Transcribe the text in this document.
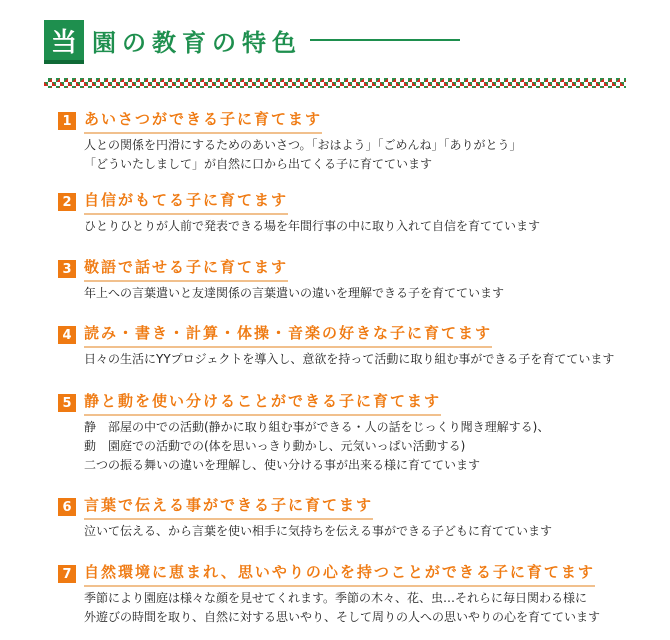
当 園の教育の特色
1 あいさつができる子に育てます
人との関係を円滑にするためのあいさつ。「おはよう」「ごめんね」「ありがとう」
「どういたしまして」が自然に口から出てくる子に育てています
2 自信がもてる子に育てます
ひとりひとりが人前で発表できる場を年間行事の中に取り入れて自信を育てています
3 敬語で話せる子に育てます
年上への言葉遣いと友達関係の言葉遣いの違いを理解できる子を育てています
4 読み・書き・計算・体操・音楽の好きな子に育てます
日々の生活にYYプロジェクトを導入し、意欲を持って活動に取り組む事ができる子を育てています
5 静と動を使い分けることができる子に育てます
静　部屋の中での活動(静かに取り組む事ができる・人の話をじっくり聞き理解する)、
動　園庭での活動での(体を思いっきり動かし、元気いっぱい活動する)
二つの振る舞いの違いを理解し、使い分ける事が出来る様に育てています
6 言葉で伝える事ができる子に育てます
泣いて伝える、から言葉を使い相手に気持ちを伝える事ができる子どもに育てています
7 自然環境に恵まれ、思いやりの心を持つことができる子に育てます
季節により園庭は様々な顔を見せてくれます。季節の木々、花、虫…それらに毎日関わる様に
外遊びの時間を取り、自然に対する思いやり、そして周りの人への思いやりの心を育てています
